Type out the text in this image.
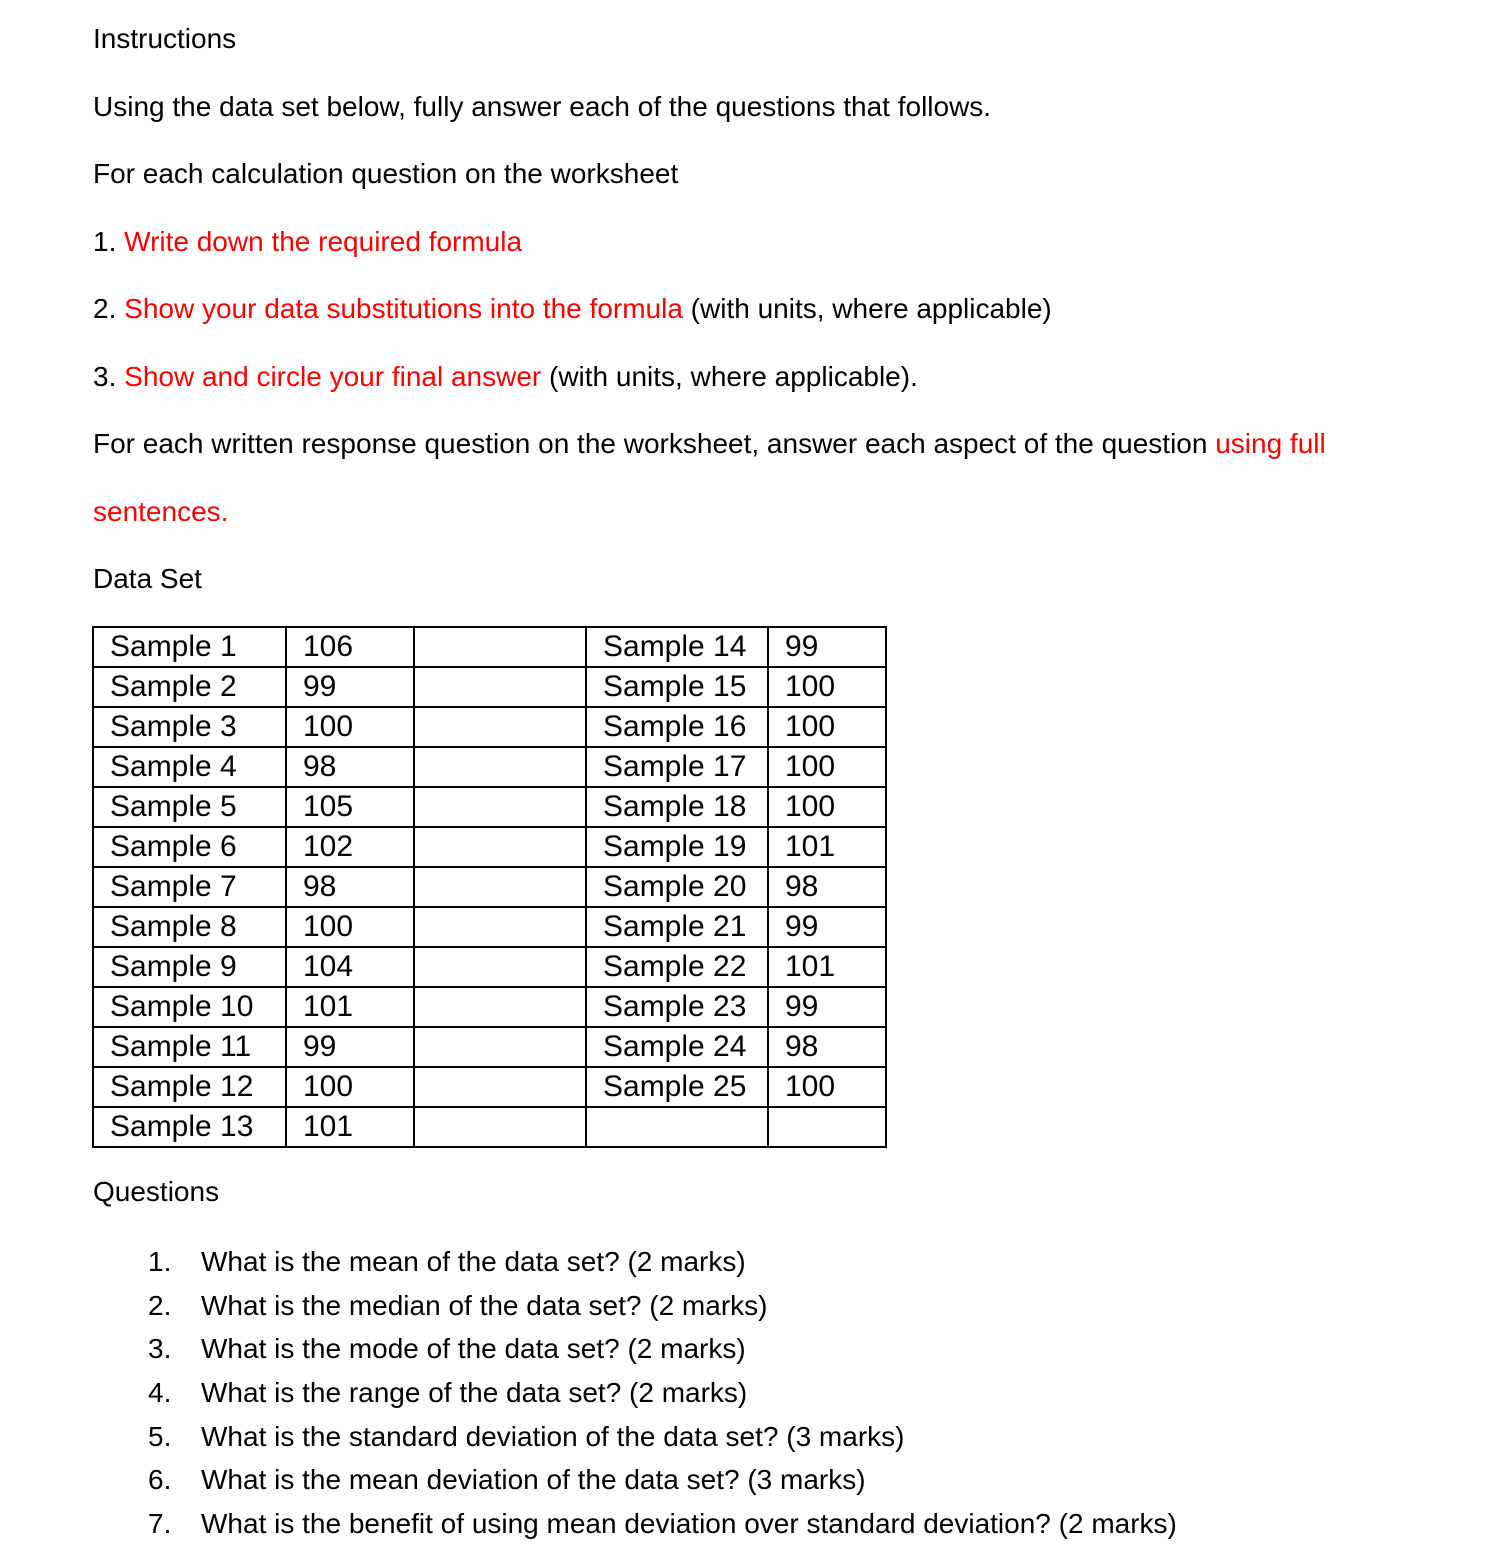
Instructions
Using the data set below, fully answer each of the questions that follows.
For each calculation question on the worksheet
1. Write down the required formula
2. Show your data substitutions into the formula (with units, where applicable)
3. Show and circle your final answer (with units, where applicable).
For each written response question on the worksheet, answer each aspect of the question using full
sentences.
Data Set
Sample 1	106		Sample 14	99
Sample 2	99		Sample 15	100
Sample 3	100		Sample 16	100
Sample 4	98		Sample 17	100
Sample 5	105		Sample 18	100
Sample 6	102		Sample 19	101
Sample 7	98		Sample 20	98
Sample 8	100		Sample 21	99
Sample 9	104		Sample 22	101
Sample 10	101		Sample 23	99
Sample 11	99		Sample 24	98
Sample 12	100		Sample 25	100
Sample 13	101			
Questions
1. What is the mean of the data set? (2 marks)
2. What is the median of the data set? (2 marks)
3. What is the mode of the data set? (2 marks)
4. What is the range of the data set? (2 marks)
5. What is the standard deviation of the data set? (3 marks)
6. What is the mean deviation of the data set? (3 marks)
7. What is the benefit of using mean deviation over standard deviation? (2 marks)
